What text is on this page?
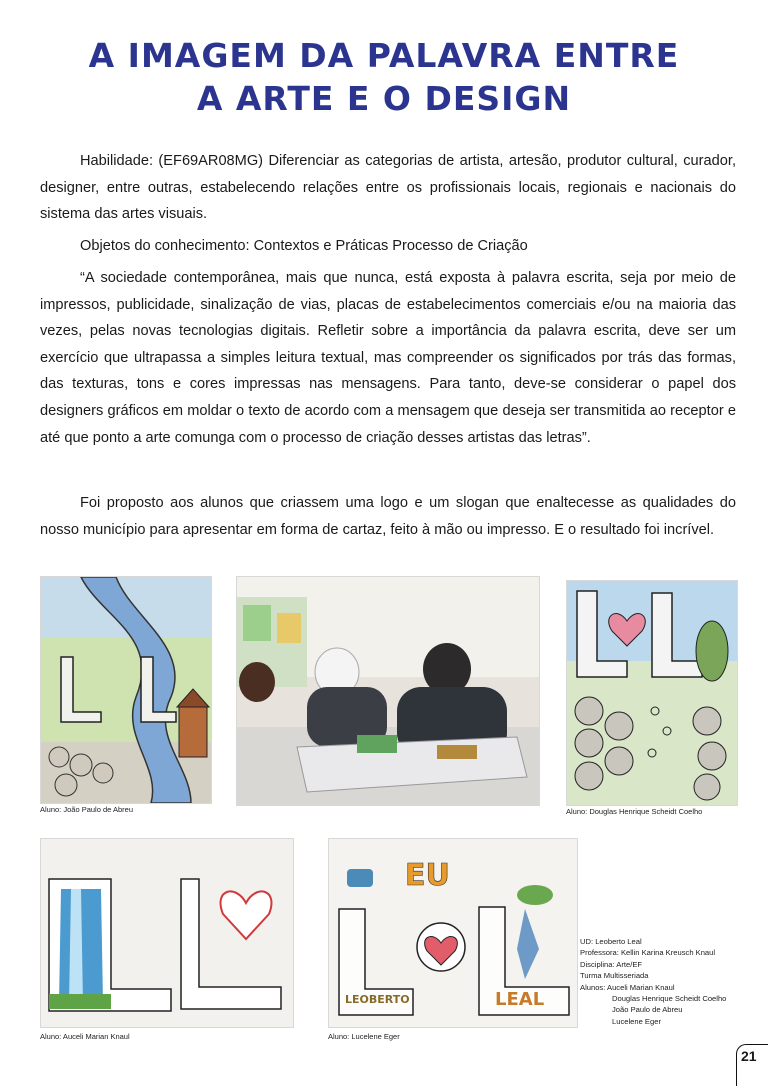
A IMAGEM DA PALAVRA ENTRE
A ARTE E O DESIGN

Habilidade: (EF69AR08MG) Diferenciar as categorias de artista, artesão, produtor cultural, curador, designer, entre outras, estabelecendo relações entre os profissionais locais, regionais e nacionais do sistema das artes visuais.

Objetos do conhecimento: Contextos e Práticas Processo de Criação

“A sociedade contemporânea, mais que nunca, está exposta à palavra escrita, seja por meio de impressos, publicidade, sinalização de vias, placas de estabelecimentos comerciais e/ou na maioria das vezes, pelas novas tecnologias digitais. Refletir sobre a importância da palavra escrita, deve ser um exercício que ultrapassa a simples leitura textual, mas compreender os significados por trás das formas, das texturas, tons e cores impressas nas mensagens. Para tanto, deve-se considerar o papel dos designers gráficos em moldar o texto de acordo com a mensagem que deseja ser transmitida ao receptor e até que ponto a arte comunga com o processo de criação desses artistas das letras”.

Foi proposto aos alunos que criassem uma logo e um slogan que enaltecesse as qualidades do nosso município para apresentar em forma de cartaz, feito à mão ou impresso. E o resultado foi incrível.

Aluno: João Paulo de Abreu	Aluno: Douglas Henrique Scheidt Coelho
Aluno: Auceli Marian Knaul
EU
LEOBERTO	LEAL
Aluno: Lucelene Eger
UD: Leoberto Leal
Professora: Kellin Karina Kreusch Knaul
Disciplina: Arte/EF
Turma Multisseriada
Alunos: Auceli Marian Knaul
Douglas Henrique Scheidt Coelho
João Paulo de Abreu
Lucelene Eger
21
